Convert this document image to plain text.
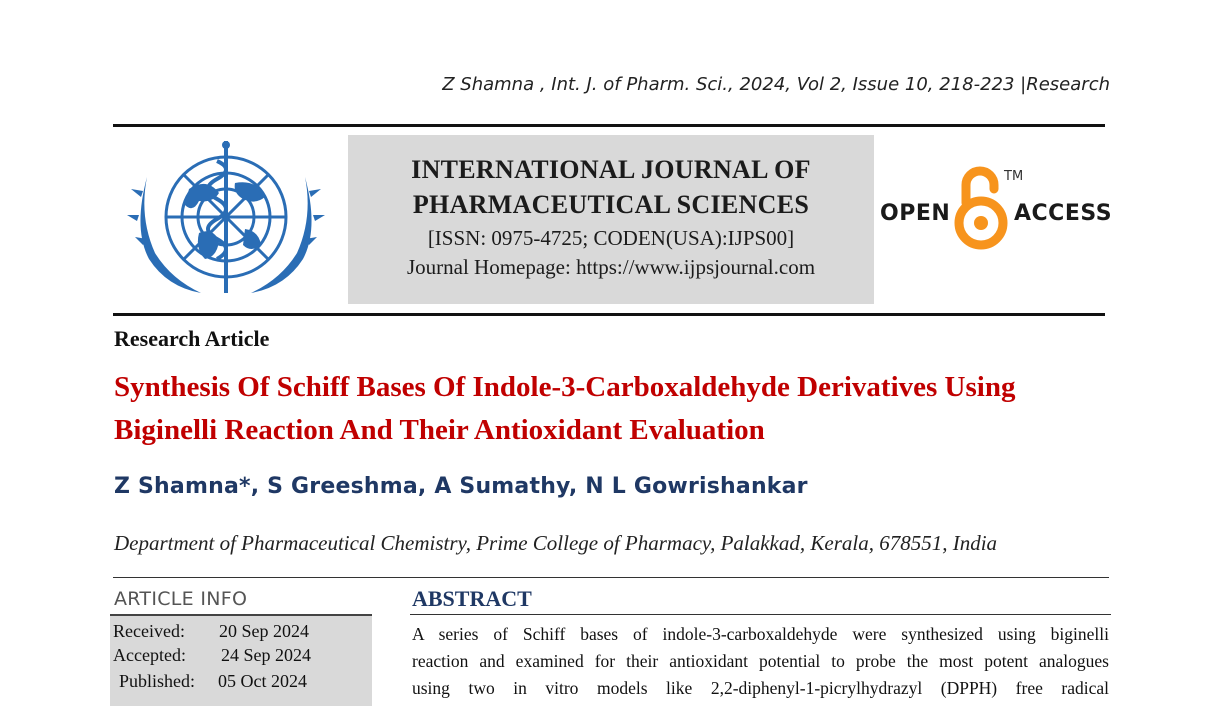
Z Shamna , Int. J. of Pharm. Sci., 2024, Vol 2, Issue 10, 218-223 |Research
INTERNATIONAL JOURNAL OF
PHARMACEUTICAL SCIENCES
[ISSN: 0975-4725; CODEN(USA):IJPS00]
Journal Homepage: https://www.ijpsjournal.com
OPEN
TM
ACCESS
Research Article
Synthesis Of Schiff Bases Of Indole-3-Carboxaldehyde Derivatives Using Biginelli Reaction And Their Antioxidant Evaluation
Z Shamna*, S Greeshma, A Sumathy, N L Gowrishankar
Department of Pharmaceutical Chemistry, Prime College of Pharmacy, Palakkad, Kerala, 678551, India
ARTICLE INFO
Received: 20 Sep 2024
Accepted: 24 Sep 2024
Published: 05 Oct 2024
ABSTRACT
A series of Schiff bases of indole-3-carboxaldehyde were synthesized using biginelli
reaction and examined for their antioxidant potential to probe the most potent analogues
using two in vitro models like 2,2-diphenyl-1-picrylhydrazyl (DPPH) free radical
